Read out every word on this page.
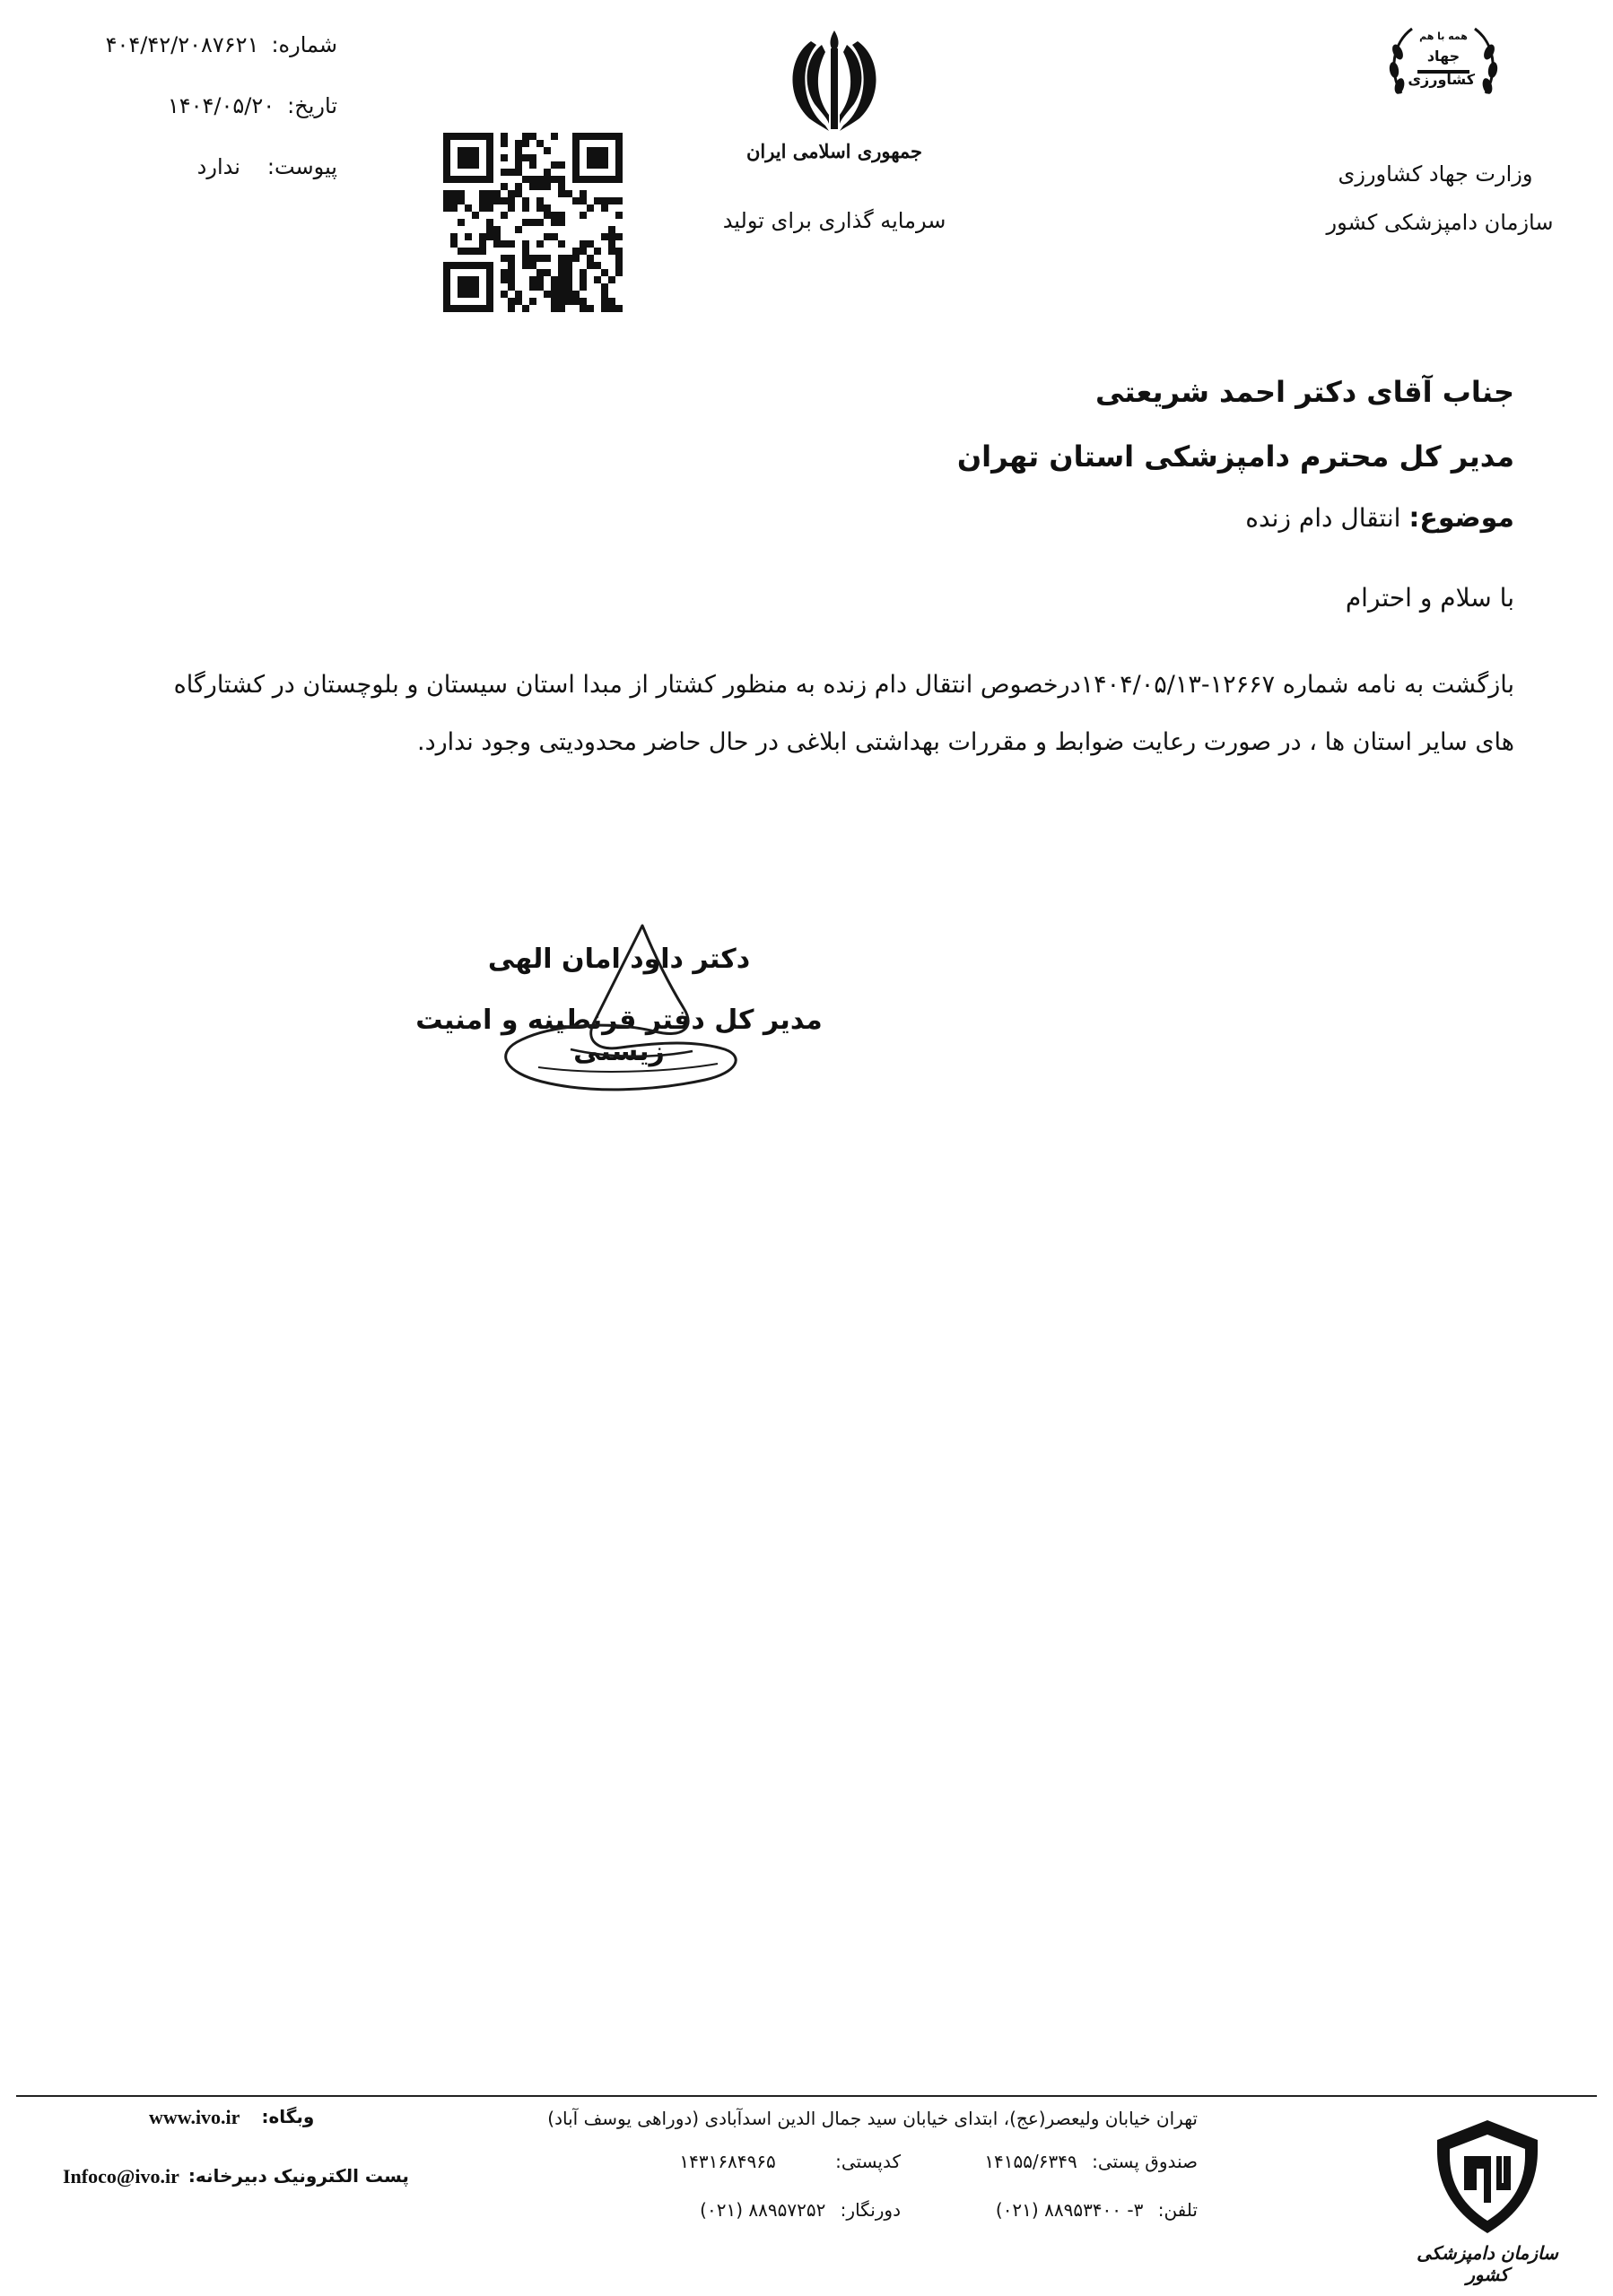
شماره:
۴۰۴/۴۲/۲۰۸۷۶۲۱
تاریخ:
۱۴۰۴/۰۵/۲۰
پیوست:
ندارد
جمهوری اسلامی ایران
سرمایه گذاری برای تولید
همه با هم
جهاد کشاورزی
وزارت جهاد کشاورزی
سازمان دامپزشکی کشور
جناب آقای دکتر احمد شریعتی
مدیر کل محترم دامپزشکی استان تهران
موضوع: انتقال دام زنده
با سلام و احترام
بازگشت به نامه شماره ۱۲۶۶۷-۱۴۰۴/۰۵/۱۳درخصوص انتقال دام زنده به منظور کشتار از مبدا استان سیستان و بلوچستان در کشتارگاه
های سایر استان ها ، در صورت رعایت ضوابط و مقررات بهداشتی ابلاغی در حال حاضر محدودیتی وجود ندارد.
دکتر داود امان الهی
مدیر کل دفتر قرنطینه و امنیت زیستی
سازمان دامپزشکی کشور
تهران خیابان ولیعصر(عج)، ابتدای خیابان سید جمال الدین اسدآبادی (دوراهی یوسف آباد)
صندوق پستی: ۱۴۱۵۵/۶۳۴۹
کدپستی: ۱۴۳۱۶۸۴۹۶۵
تلفن: ۳- ۸۸۹۵۳۴۰۰ (۰۲۱)
دورنگار: ۸۸۹۵۷۲۵۲ (۰۲۱)
وبگاه:
www.ivo.ir
پست الکترونیک دبیرخانه:
Infoco@ivo.ir
